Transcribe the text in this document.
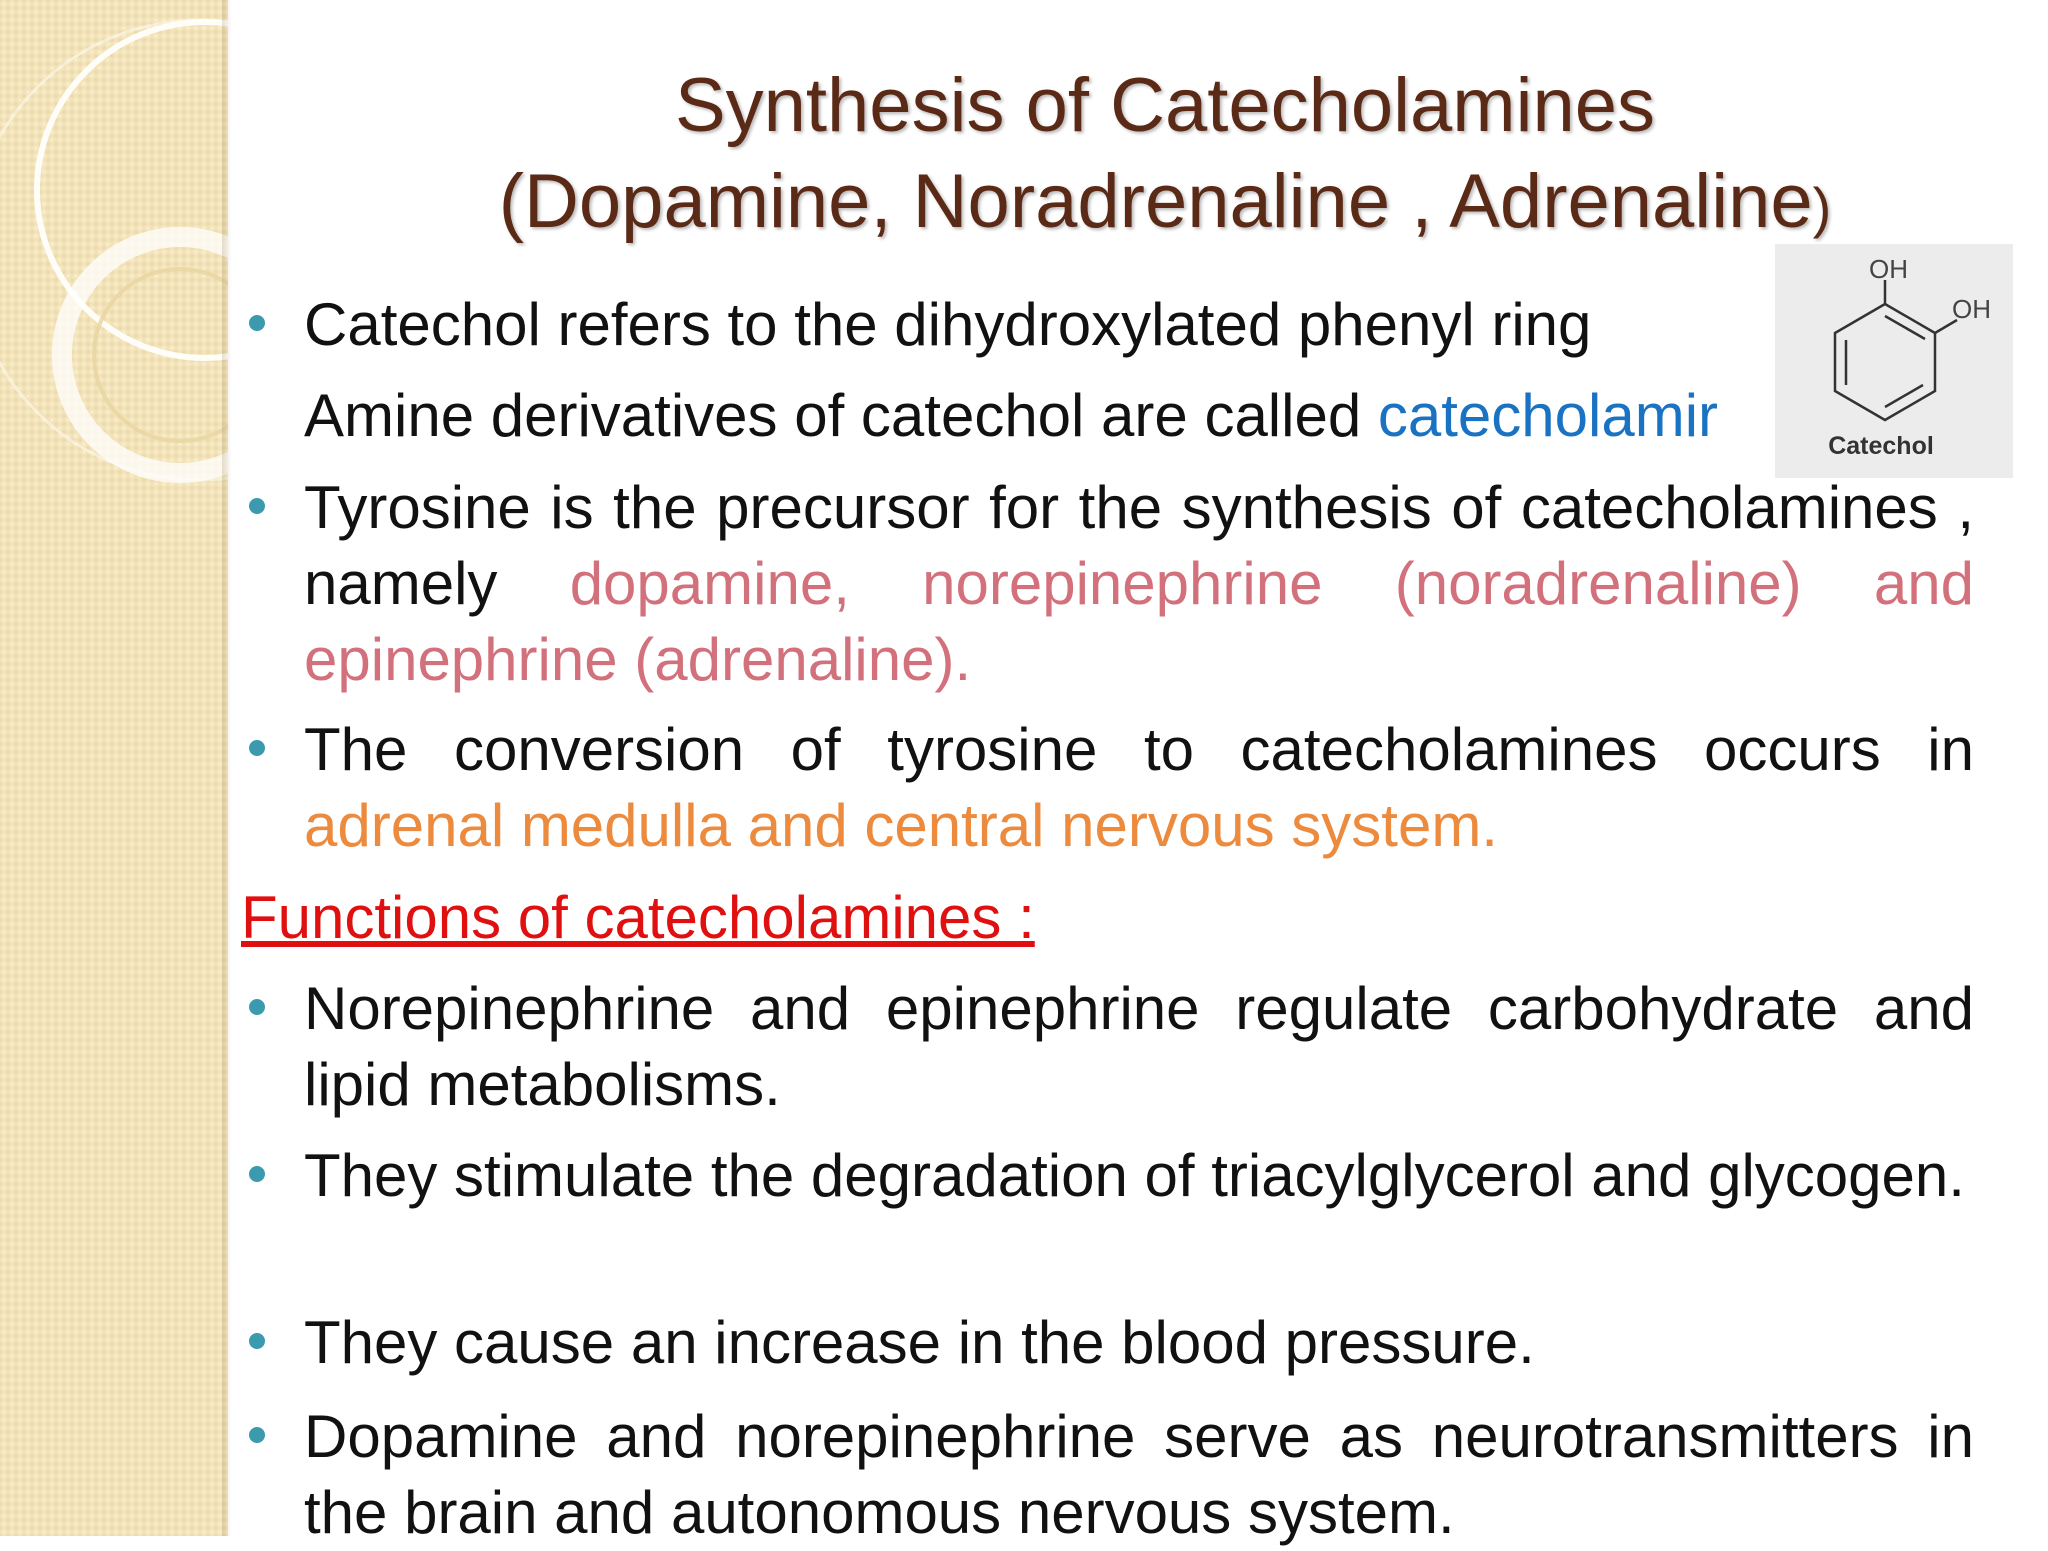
Synthesis of Catecholamines
(Dopamine, Noradrenaline , Adrenaline)
OH
OH
Catechol
Catechol refers to the dihydroxylated phenyl ring
Amine derivatives of catechol are called catecholamir
Tyrosine is the precursor for the synthesis of catecholamines , namely dopamine, norepinephrine (noradrenaline) and epinephrine (adrenaline).
The conversion of tyrosine to catecholamines occurs in adrenal medulla and central nervous system.
Functions of catecholamines :
Norepinephrine and epinephrine regulate carbohydrate and lipid metabolisms.
They stimulate the degradation of triacylglycerol and glycogen.
They cause an increase in the blood pressure.
Dopamine and norepinephrine serve as neurotransmitters in the brain and autonomous nervous system.
